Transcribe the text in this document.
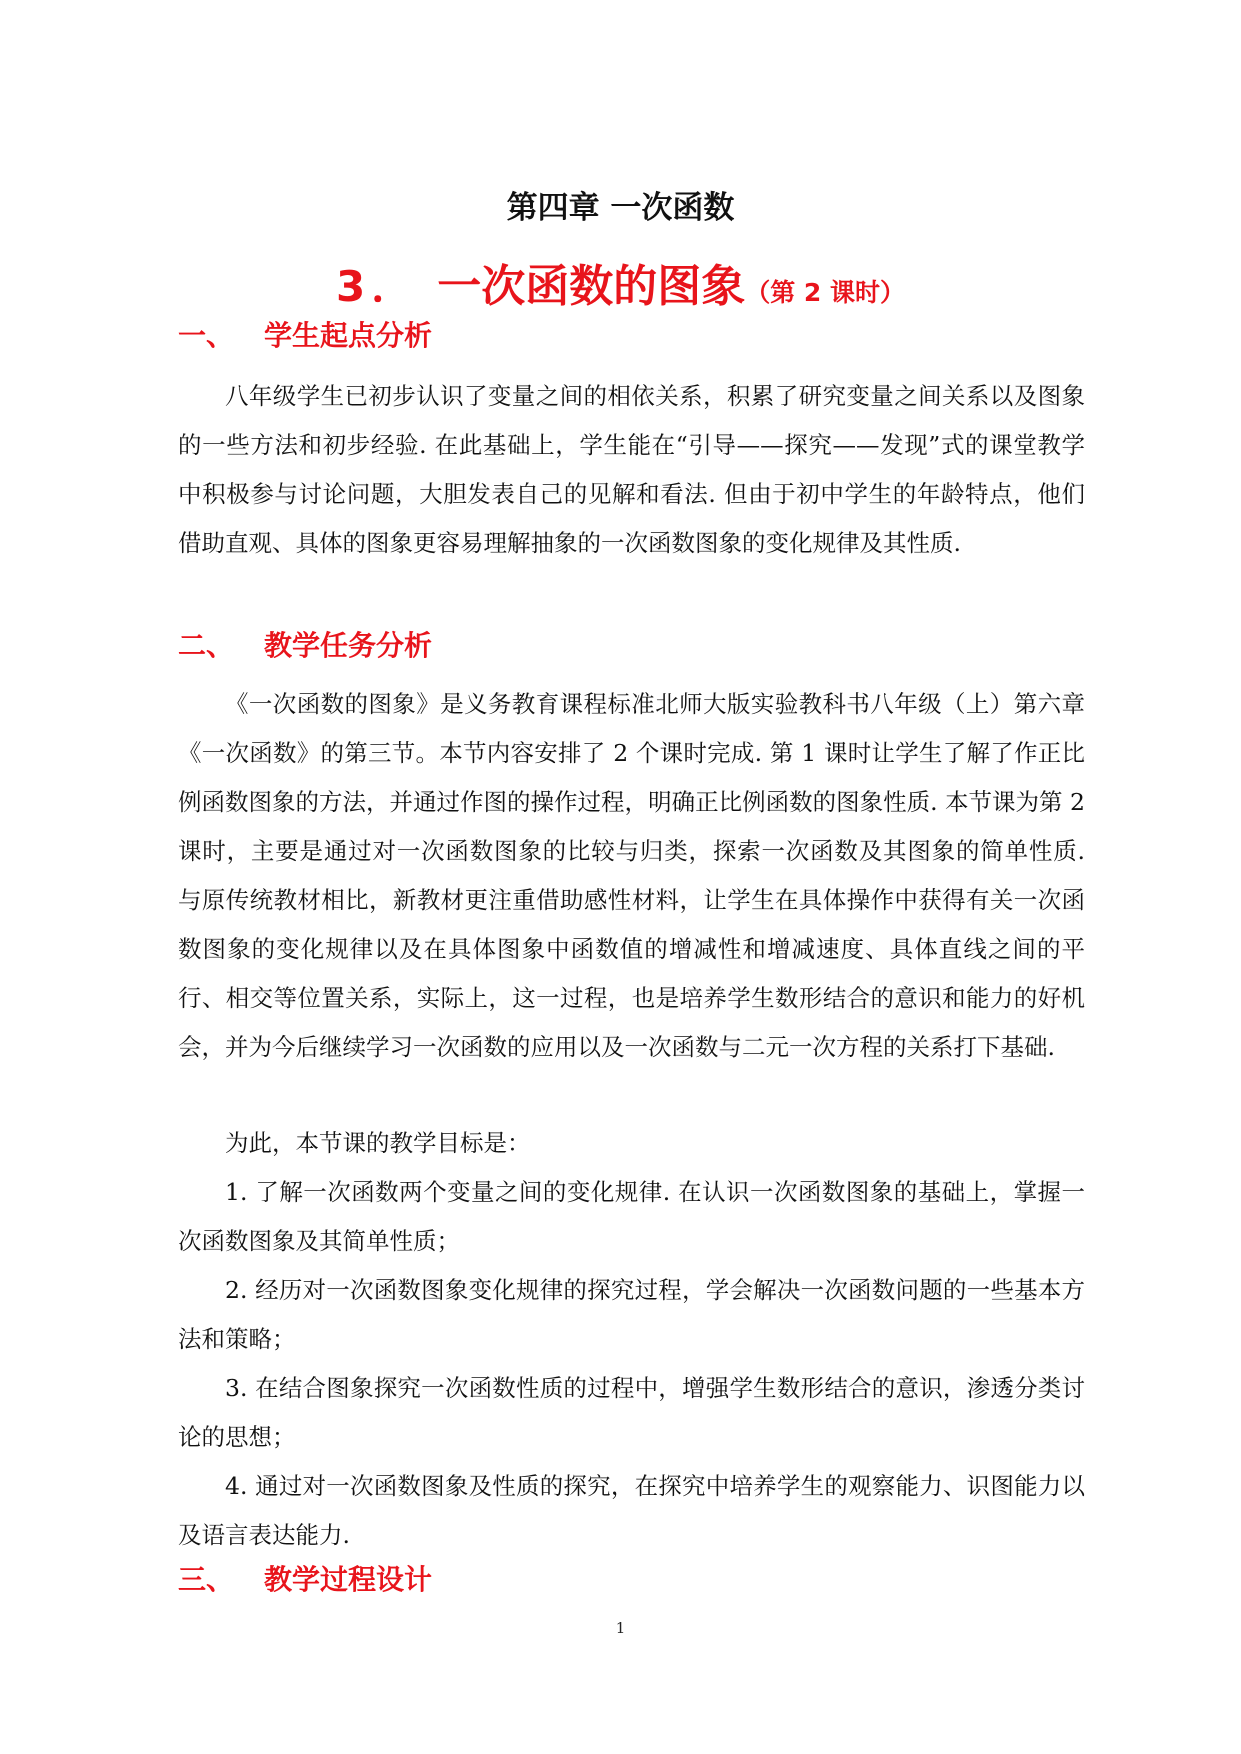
第四章 一次函数
3． 一次函数的图象（第 2 课时）
一、 学生起点分析

八年级学生已初步认识了变量之间的相依关系，积累了研究变量之间关系以及图象的一些方法和初步经验. 在此基础上，学生能在“引导——探究——发现”式的课堂教学中积极参与讨论问题，大胆发表自己的见解和看法. 但由于初中学生的年龄特点，他们借助直观、具体的图象更容易理解抽象的一次函数图象的变化规律及其性质.

二、 教学任务分析

《一次函数的图象》是义务教育课程标准北师大版实验教科书八年级（上）第六章《一次函数》的第三节。本节内容安排了 2 个课时完成. 第 1 课时让学生了解了作正比例函数图象的方法，并通过作图的操作过程，明确正比例函数的图象性质. 本节课为第 2 课时，主要是通过对一次函数图象的比较与归类，探索一次函数及其图象的简单性质. 与原传统教材相比，新教材更注重借助感性材料，让学生在具体操作中获得有关一次函数图象的变化规律以及在具体图象中函数值的增减性和增减速度、具体直线之间的平行、相交等位置关系，实际上，这一过程，也是培养学生数形结合的意识和能力的好机会，并为今后继续学习一次函数的应用以及一次函数与二元一次方程的关系打下基础.

为此，本节课的教学目标是：

1. 了解一次函数两个变量之间的变化规律. 在认识一次函数图象的基础上，掌握一次函数图象及其简单性质；

2. 经历对一次函数图象变化规律的探究过程，学会解决一次函数问题的一些基本方法和策略；

3. 在结合图象探究一次函数性质的过程中，增强学生数形结合的意识，渗透分类讨论的思想；

4. 通过对一次函数图象及性质的探究，在探究中培养学生的观察能力、识图能力以及语言表达能力.

三、 教学过程设计
1
